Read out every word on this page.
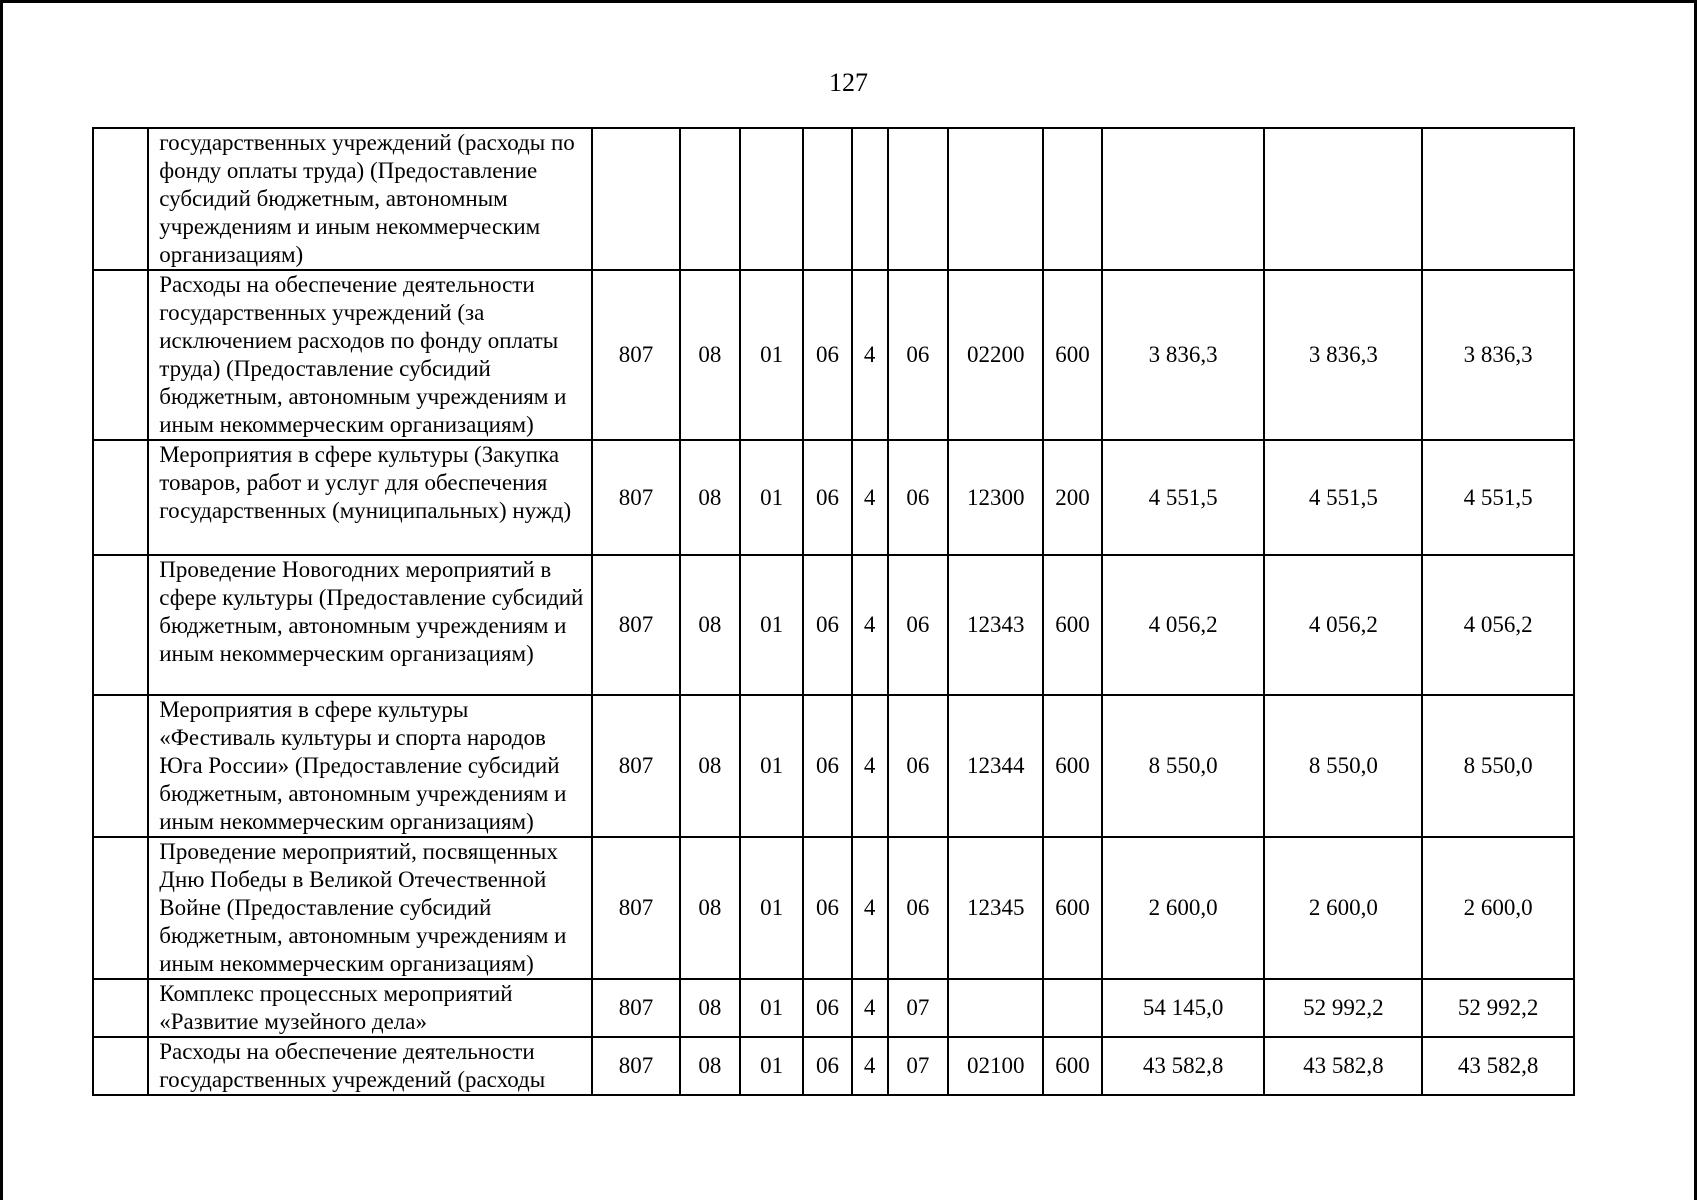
127
	государственных учреждений (расходы по фонду оплаты труда) (Предоставление субсидий бюджетным, автономным учреждениям и иным некоммерческим организациям)											
	Расходы на обеспечение деятельности государственных учреждений (за исключением расходов по фонду оплаты труда) (Предоставление субсидий бюджетным, автономным учреждениям и иным некоммерческим организациям)	807	08	01	06	4	06	02200	600	3 836,3	3 836,3	3 836,3
	Мероприятия в сфере культуры (Закупка товаров, работ и услуг для обеспечения государственных (муниципальных) нужд)	807	08	01	06	4	06	12300	200	4 551,5	4 551,5	4 551,5
	Проведение Новогодних мероприятий в сфере культуры (Предоставление субсидий бюджетным, автономным учреждениям и иным некоммерческим организациям)	807	08	01	06	4	06	12343	600	4 056,2	4 056,2	4 056,2
	Мероприятия в сфере культуры «Фестиваль культуры и спорта народов Юга России» (Предоставление субсидий бюджетным, автономным учреждениям и иным некоммерческим организациям)	807	08	01	06	4	06	12344	600	8 550,0	8 550,0	8 550,0
	Проведение мероприятий, посвященных Дню Победы в Великой Отечественной Войне (Предоставление субсидий бюджетным, автономным учреждениям и иным некоммерческим организациям)	807	08	01	06	4	06	12345	600	2 600,0	2 600,0	2 600,0
	Комплекс процессных мероприятий «Развитие музейного дела»	807	08	01	06	4	07			54 145,0	52 992,2	52 992,2
	Расходы на обеспечение деятельности государственных учреждений (расходы	807	08	01	06	4	07	02100	600	43 582,8	43 582,8	43 582,8
